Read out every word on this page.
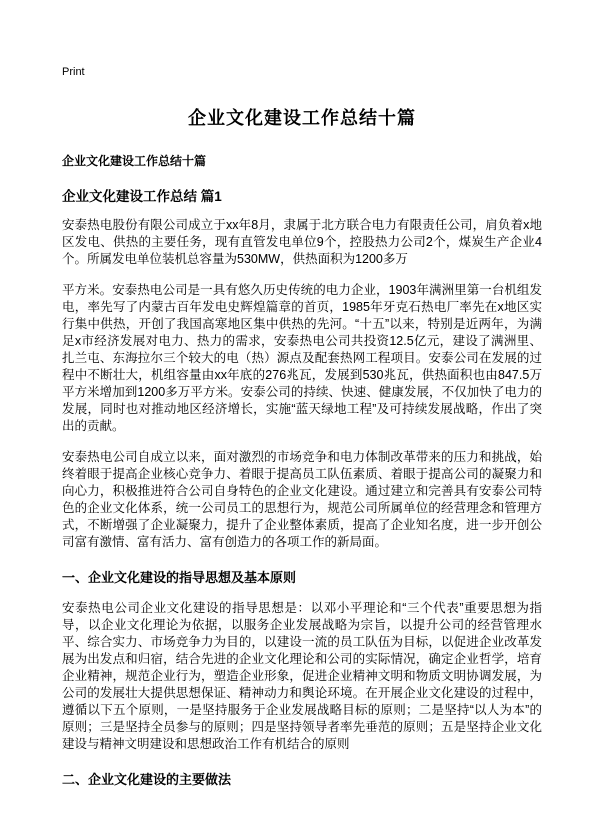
Print
企业文化建设工作总结十篇
企业文化建设工作总结十篇
企业文化建设工作总结 篇1

安泰热电股份有限公司成立于xx年8月，隶属于北方联合电力有限责任公司，肩负着x地区发电、供热的主要任务，现有直管发电单位9个，控股热力公司2个，煤炭生产企业4个。所属发电单位装机总容量为530MW，供热面积为1200多万

平方米。安泰热电公司是一具有悠久历史传统的电力企业，1903年满洲里第一台机组发电，率先写了内蒙古百年发电史辉煌篇章的首页，1985年牙克石热电厂率先在x地区实行集中供热，开创了我国高寒地区集中供热的先河。“十五”以来，特别是近两年，为满足x市经济发展对电力、热力的需求，安泰热电公司共投资12.5亿元，建设了满洲里、扎兰屯、东海拉尔三个较大的电（热）源点及配套热网工程项目。安泰公司在发展的过程中不断壮大，机组容量由xx年底的276兆瓦，发展到530兆瓦，供热面积也由847.5万平方米增加到1200多万平方米。安泰公司的持续、快速、健康发展，不仅加快了电力的发展，同时也对推动地区经济增长，实施“蓝天绿地工程”及可持续发展战略，作出了突出的贡献。

安泰热电公司自成立以来，面对激烈的市场竞争和电力体制改革带来的压力和挑战，始终着眼于提高企业核心竞争力、着眼于提高员工队伍素质、着眼于提高公司的凝聚力和向心力，积极推进符合公司自身特色的企业文化建设。通过建立和完善具有安泰公司特色的企业文化体系，统一公司员工的思想行为，规范公司所属单位的经营理念和管理方式，不断增强了企业凝聚力，提升了企业整体素质，提高了企业知名度，进一步开创公司富有激情、富有活力、富有创造力的各项工作的新局面。

一、企业文化建设的指导思想及基本原则

安泰热电公司企业文化建设的指导思想是：以邓小平理论和“三个代表”重要思想为指导，以企业文化理论为依据，以服务企业发展战略为宗旨，以提升公司的经营管理水平、综合实力、市场竞争力为目的，以建设一流的员工队伍为目标，以促进企业改革发展为出发点和归宿，结合先进的企业文化理论和公司的实际情况，确定企业哲学，培育企业精神，规范企业行为，塑造企业形象，促进企业精神文明和物质文明协调发展，为公司的发展壮大提供思想保证、精神动力和舆论环境。在开展企业文化建设的过程中，遵循以下五个原则，一是坚持服务于企业发展战略目标的原则；二是坚持“以人为本”的原则；三是坚持全员参与的原则；四是坚持领导者率先垂范的原则；五是坚持企业文化建设与精神文明建设和思想政治工作有机结合的原则

二、企业文化建设的主要做法
